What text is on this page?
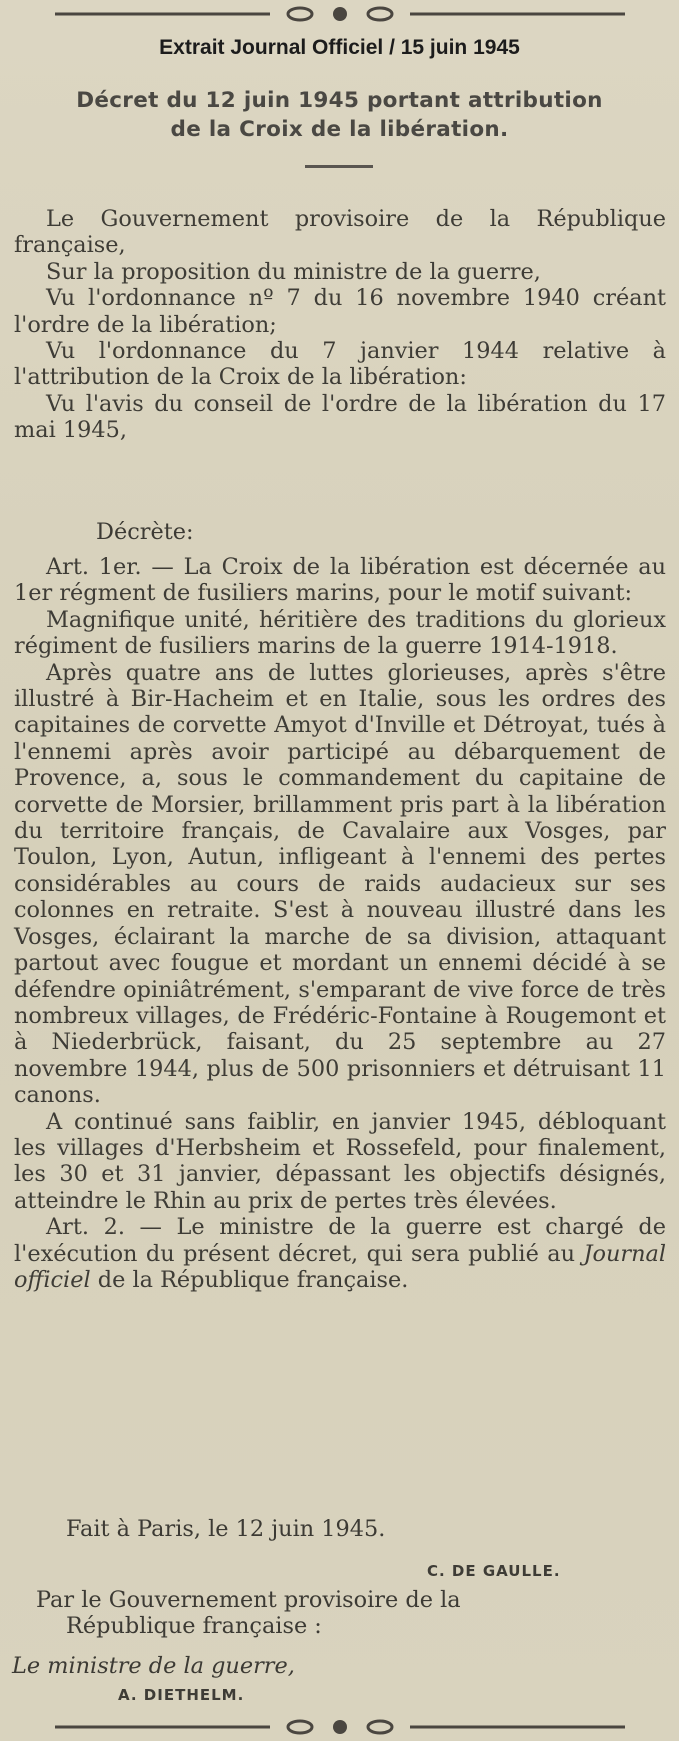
Extrait Journal Officiel / 15 juin 1945
Décret du 12 juin 1945 portant attribution
de la Croix de la libération.

Le Gouvernement provisoire de la République française,

Sur la proposition du ministre de la guerre,

Vu l'ordonnance nº 7 du 16 novembre 1940 créant l'ordre de la libération;

Vu l'ordonnance du 7 janvier 1944 relative à l'attribution de la Croix de la libération:

Vu l'avis du conseil de l'ordre de la libération du 17 mai 1945,

Décrète:

Art. 1er. — La Croix de la libération est décernée au 1er régment de fusiliers marins, pour le motif suivant:

Magnifique unité, héritière des traditions du glorieux régiment de fusiliers marins de la guerre 1914-1918.

Après quatre ans de luttes glorieuses, après s'être illustré à Bir-Hacheim et en Italie, sous les ordres des capitaines de corvette Amyot d'Inville et Détroyat, tués à l'ennemi après avoir participé au débarquement de Provence, a, sous le commandement du capitaine de corvette de Morsier, brillamment pris part à la libération du territoire français, de Cavalaire aux Vosges, par Toulon, Lyon, Autun, infligeant à l'ennemi des pertes considérables au cours de raids audacieux sur ses colonnes en retraite. S'est à nouveau illustré dans les Vosges, éclairant la marche de sa division, attaquant partout avec fougue et mordant un ennemi décidé à se défendre opiniâtrément, s'emparant de vive force de très nombreux villages, de Frédéric-Fontaine à Rougemont et à Niederbrück, faisant, du 25 septembre au 27 novembre 1944, plus de 500 prisonniers et détruisant 11 canons.

A continué sans faiblir, en janvier 1945, débloquant les villages d'Herbsheim et Rossefeld, pour finalement, les 30 et 31 janvier, dépassant les objectifs désignés, atteindre le Rhin au prix de pertes très élevées.

Art. 2. — Le ministre de la guerre est chargé de l'exécution du présent décret, qui sera publié au Journal officiel de la République française.

Fait à Paris, le 12 juin 1945.
C. DE GAULLE.

Par le Gouvernement provisoire de la

République française :

Le ministre de la guerre,
A. DIETHELM.
